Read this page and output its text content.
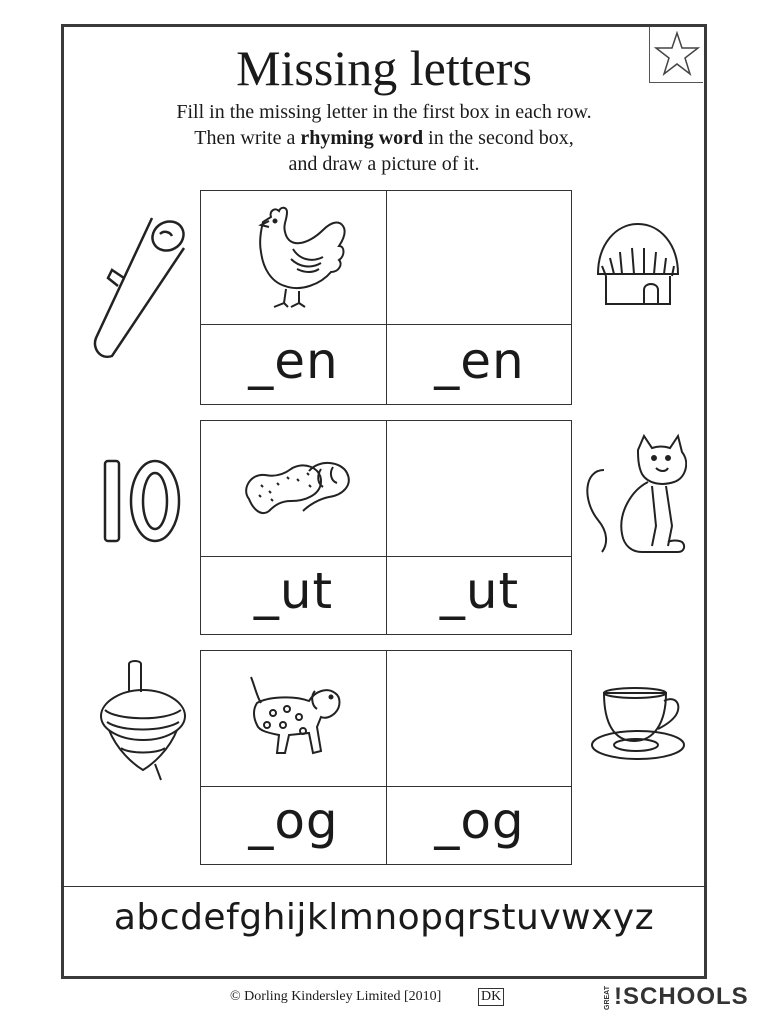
Missing letters
Fill in the missing letter in the first box in each row.
Then write a rhyming word in the second box,
and draw a picture of it.
_en	_en
_ut	_ut
_og	_og
10
abcdefghijklmnopqrstuvwxyz
© Dorling Kindersley Limited [2010]	DK	GREAT !SCHOOLS
